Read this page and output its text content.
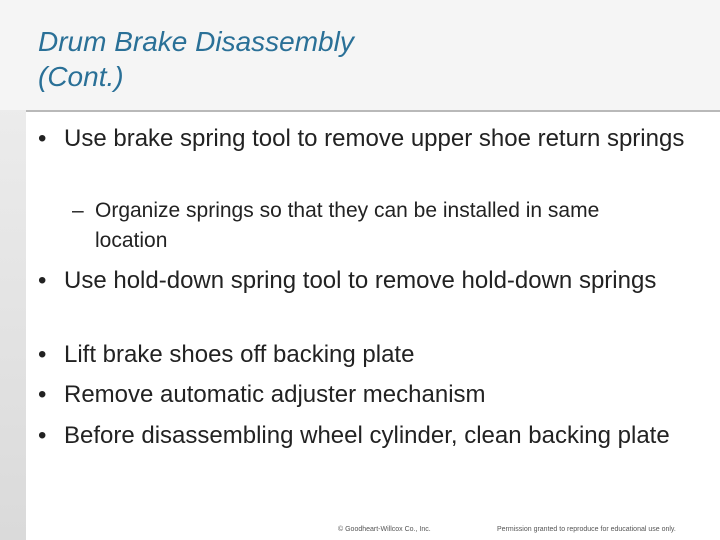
Drum Brake Disassembly
(Cont.)
• Use brake spring tool to remove upper shoe return springs
– Organize springs so that they can be installed in same location
• Use hold-down spring tool to remove hold-down springs
• Lift brake shoes off backing plate
• Remove automatic adjuster mechanism
• Before disassembling wheel cylinder, clean backing plate
© Goodheart-Willcox Co., Inc.	Permission granted to reproduce for educational use only.
